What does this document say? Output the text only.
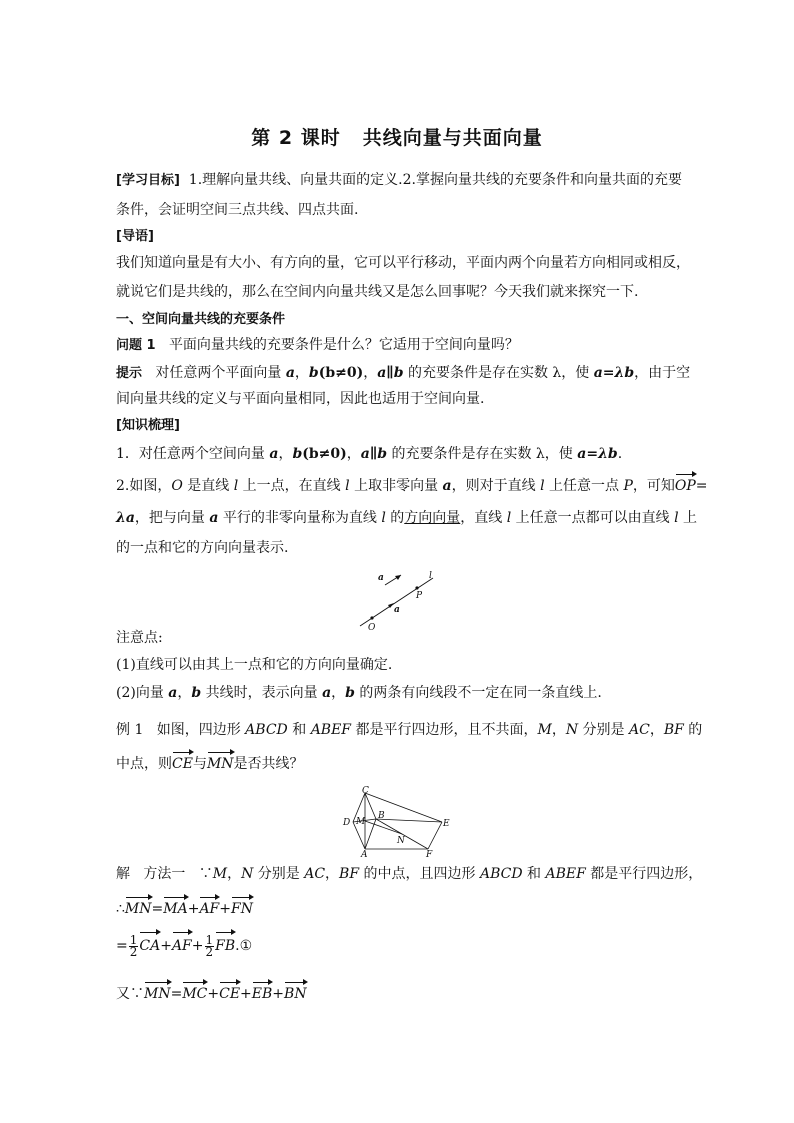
第 2 课时 共线向量与共面向量
[学习目标] 1.理解向量共线、向量共面的定义.2.掌握向量共线的充要条件和向量共面的充要
条件，会证明空间三点共线、四点共面.
[导语]
我们知道向量是有大小、有方向的量，它可以平行移动，平面内两个向量若方向相同或相反，
就说它们是共线的，那么在空间内向量共线又是怎么回事呢？今天我们就来探究一下.
一、空间向量共线的充要条件
问题 1 平面向量共线的充要条件是什么？它适用于空间向量吗？
提示 对任意两个平面向量 a，b(b≠0)，a∥b 的充要条件是存在实数 λ，使 a=λb，由于空
间向量共线的定义与平面向量相同，因此也适用于空间向量.
[知识梳理]
1．对任意两个空间向量 a，b(b≠0)，a∥b 的充要条件是存在实数 λ，使 a=λb.
2.如图，O 是直线 l 上一点，在直线 l 上取非零向量 a，则对于直线 l 上任意一点 P，可知OP=
λa，把与向量 a 平行的非零向量称为直线 l 的方向向量，直线 l 上任意一点都可以由直线 l 上
的一点和它的方向向量表示.
注意点:
(1)直线可以由其上一点和它的方向向量确定.
(2)向量 a，b 共线时，表示向量 a，b 的两条有向线段不一定在同一条直线上.
例 1 如图，四边形 ABCD 和 ABEF 都是平行四边形，且不共面，M，N 分别是 AC，BF 的
中点，则CE与MN是否共线？
解 方法一 ∵M，N 分别是 AC，BF 的中点，且四边形 ABCD 和 ABEF 都是平行四边形，
∴MN=MA+AF+FN
= $\frac{1}{2} CA+AF+ \frac{1}{2}$ FB.①
又∵MN=MC+CE+EB+BN
a	l
P
a
O
C
D M
B
E
N
A	F
